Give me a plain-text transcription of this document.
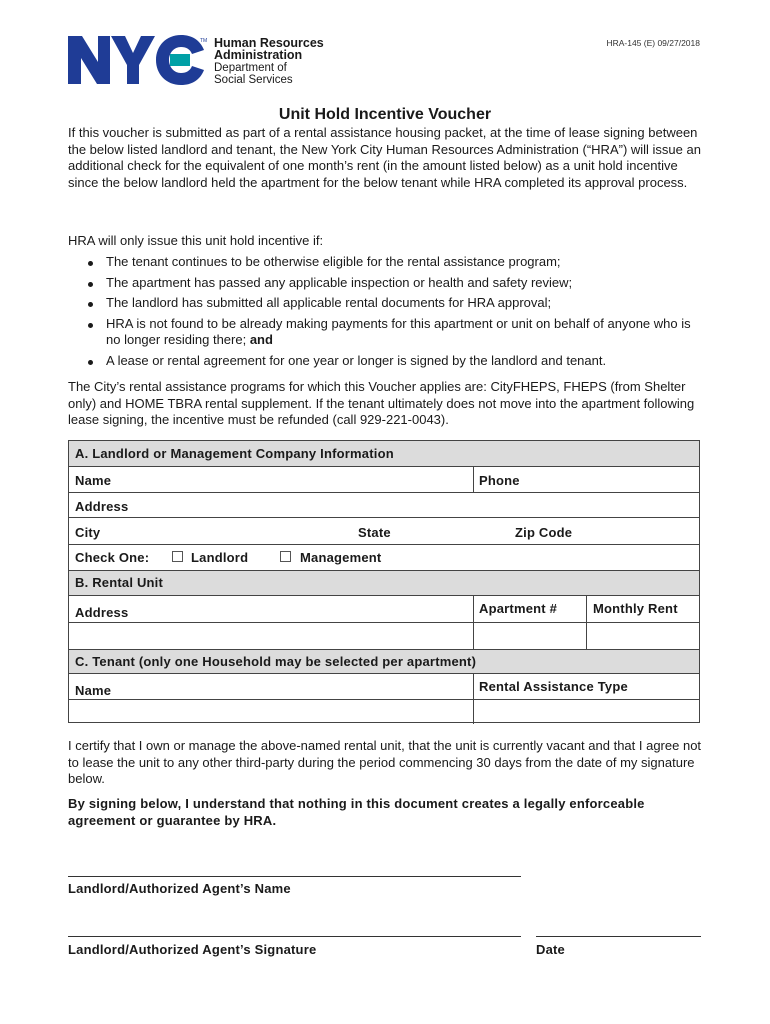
TM Human Resources
Administration
Department of
Social Services
HRA-145 (E) 09/27/2018
Unit Hold Incentive Voucher
If this voucher is submitted as part of a rental assistance housing packet, at the time of lease signing between the below listed landlord and tenant, the New York City Human Resources Administration (“HRA”) will issue an additional check for the equivalent of one month’s rent (in the amount listed below) as a unit hold incentive since the below landlord held the apartment for the below tenant while HRA completed its approval process.
HRA will only issue this unit hold incentive if:
The tenant continues to be otherwise eligible for the rental assistance program;
The apartment has passed any applicable inspection or health and safety review;
The landlord has submitted all applicable rental documents for HRA approval;
HRA is not found to be already making payments for this apartment or unit on behalf of anyone who is no longer residing there; and
A lease or rental agreement for one year or longer is signed by the landlord and tenant.
The City’s rental assistance programs for which this Voucher applies are: CityFHEPS, FHEPS (from Shelter only) and HOME TBRA rental supplement. If the tenant ultimately does not move into the apartment following lease signing, the incentive must be refunded (call 929-221-0043).
A. Landlord or Management Company Information
Name	Phone
Address
City	State	Zip Code
Check One:	Landlord	Management
B. Rental Unit
Address	Apartment #	Monthly Rent
C. Tenant (only one Household may be selected per apartment)
Name	Rental Assistance Type
I certify that I own or manage the above-named rental unit, that the unit is currently vacant and that I agree not to lease the unit to any other third-party during the period commencing 30 days from the date of my signature below.
By signing below, I understand that nothing in this document creates a legally enforceable agreement or guarantee by HRA.
Landlord/Authorized Agent’s Name
Landlord/Authorized Agent’s Signature	Date
